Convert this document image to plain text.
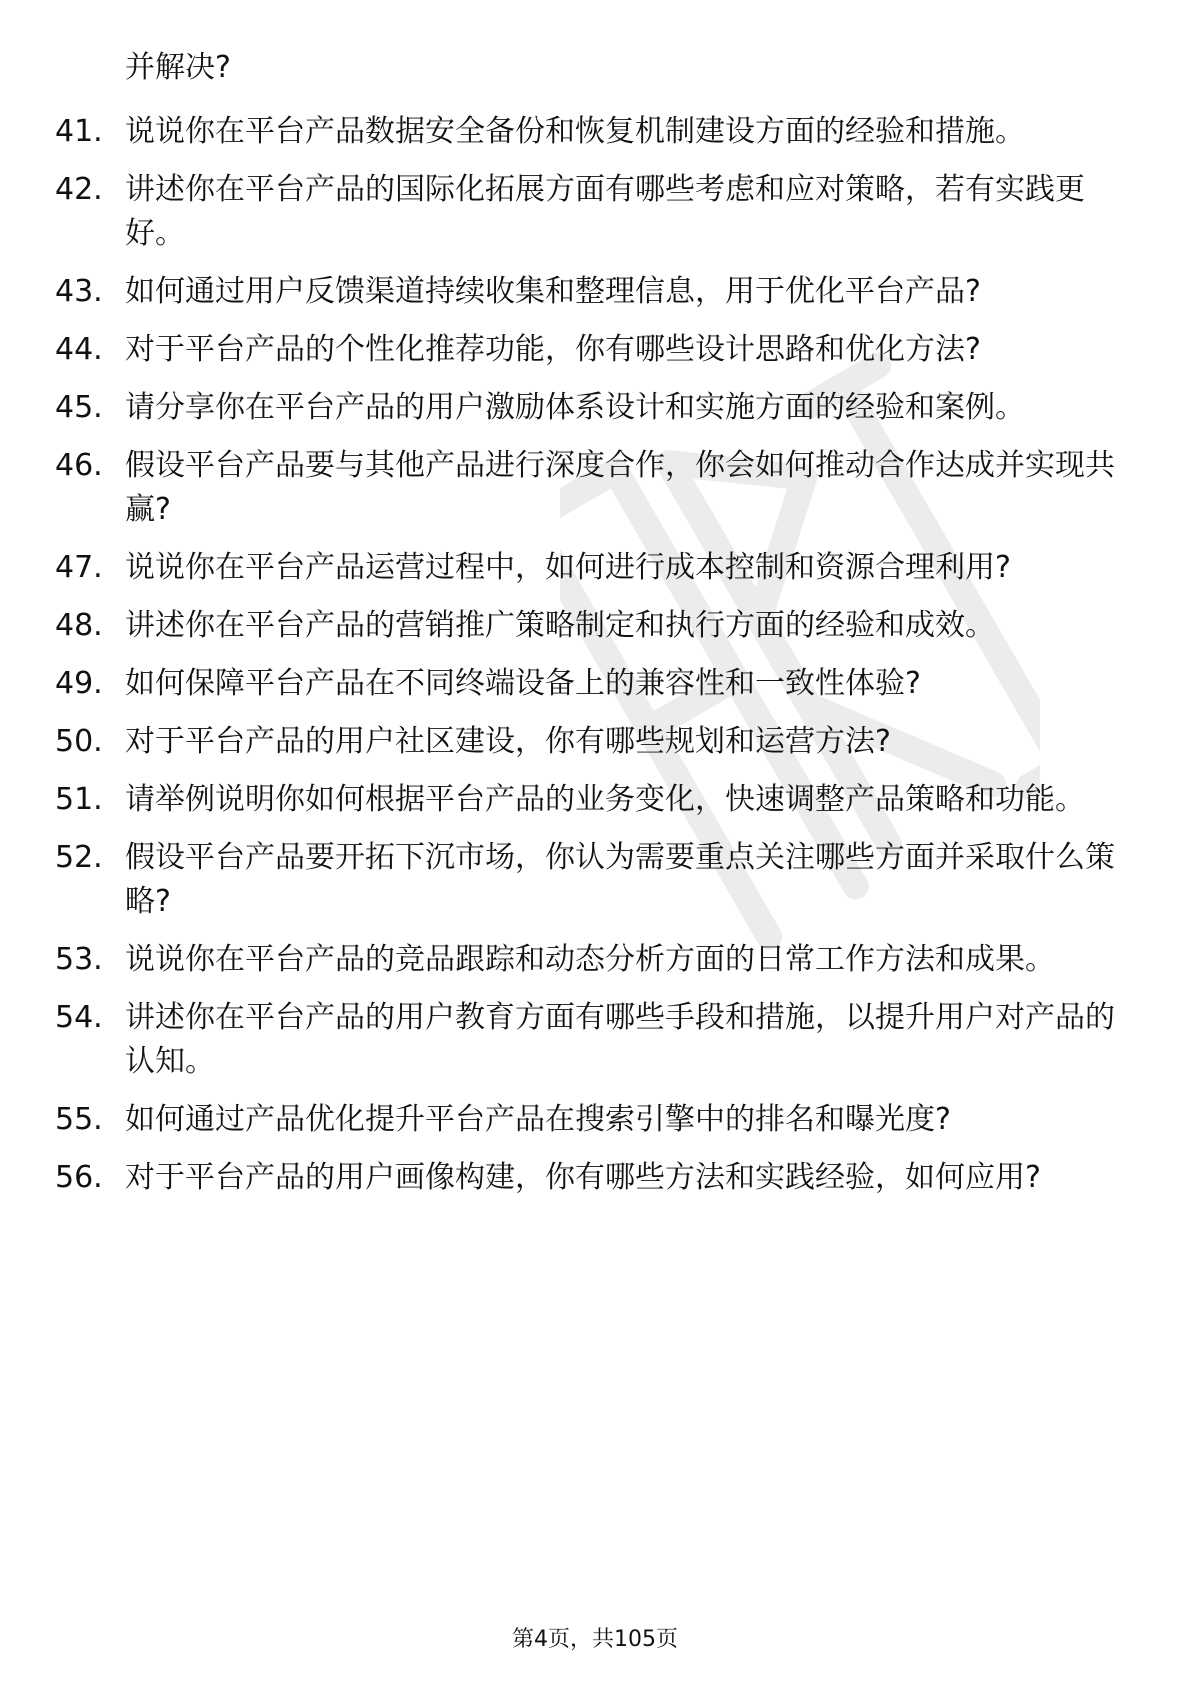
并解决?
41. 说说你在平台产品数据安全备份和恢复机制建设方面的经验和措施。
42. 讲述你在平台产品的国际化拓展方面有哪些考虑和应对策略，若有实践更好。
43. 如何通过用户反馈渠道持续收集和整理信息，用于优化平台产品?
44. 对于平台产品的个性化推荐功能，你有哪些设计思路和优化方法?
45. 请分享你在平台产品的用户激励体系设计和实施方面的经验和案例。
46. 假设平台产品要与其他产品进行深度合作，你会如何推动合作达成并实现共赢?
47. 说说你在平台产品运营过程中，如何进行成本控制和资源合理利用?
48. 讲述你在平台产品的营销推广策略制定和执行方面的经验和成效。
49. 如何保障平台产品在不同终端设备上的兼容性和一致性体验?
50. 对于平台产品的用户社区建设，你有哪些规划和运营方法?
51. 请举例说明你如何根据平台产品的业务变化，快速调整产品策略和功能。
52. 假设平台产品要开拓下沉市场，你认为需要重点关注哪些方面并采取什么策略?
53. 说说你在平台产品的竞品跟踪和动态分析方面的日常工作方法和成果。
54. 讲述你在平台产品的用户教育方面有哪些手段和措施，以提升用户对产品的认知。
55. 如何通过产品优化提升平台产品在搜索引擎中的排名和曝光度?
56. 对于平台产品的用户画像构建，你有哪些方法和实践经验，如何应用?
第4页，共105页
